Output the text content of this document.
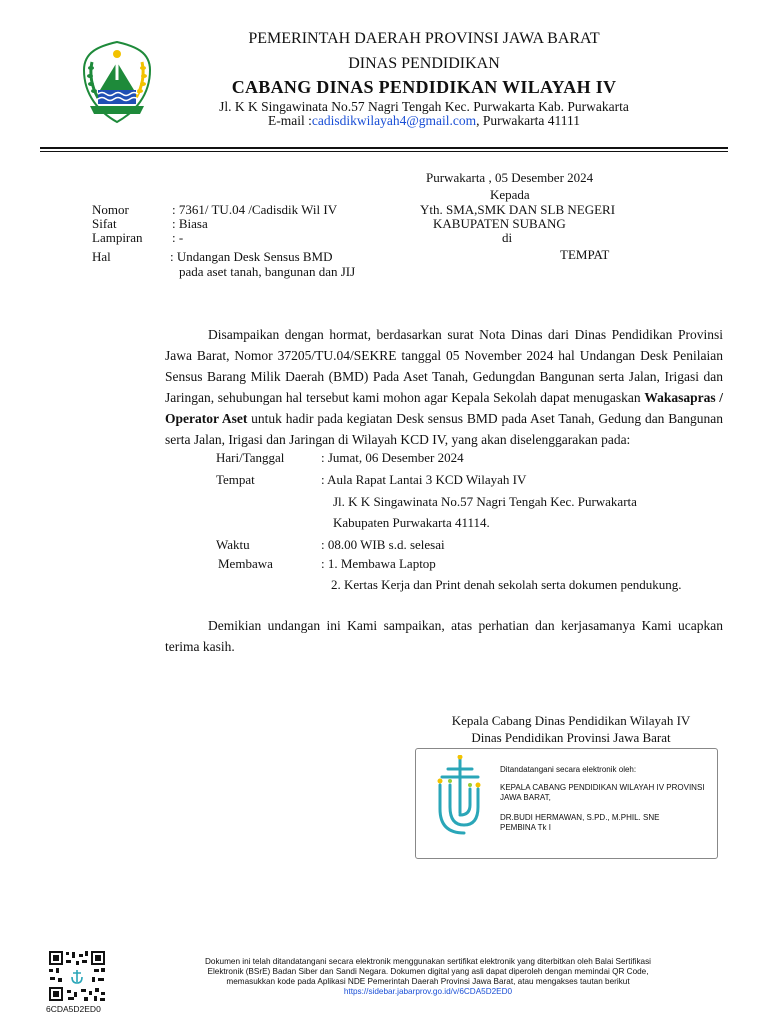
PEMERINTAH DAERAH PROVINSI JAWA BARAT
DINAS PENDIDIKAN
CABANG DINAS PENDIDIKAN WILAYAH IV
Jl. K K Singawinata No.57 Nagri Tengah Kec. Purwakarta Kab. Purwakarta
E-mail :cadisdikwilayah4@gmail.com, Purwakarta 41111
Purwakarta , 05 Desember 2024
Kepada
Yth. SMA,SMK DAN SLB NEGERI
KABUPATEN SUBANG
di
TEMPAT
Nomor	: 7361/ TU.04 /Cadisdik Wil IV
Sifat	: Biasa
Lampiran : -
Hal	: Undangan Desk Sensus BMD
pada aset tanah, bangunan dan JIJ
Disampaikan dengan hormat, berdasarkan surat Nota Dinas dari Dinas Pendidikan Provinsi Jawa Barat, Nomor 37205/TU.04/SEKRE tanggal 05 November 2024 hal Undangan Desk Penilaian Sensus Barang Milik Daerah (BMD) Pada Aset Tanah, Gedungdan Bangunan serta Jalan, Irigasi dan Jaringan, sehubungan hal tersebut kami mohon agar Kepala Sekolah dapat menugaskan Wakasapras / Operator Aset untuk hadir pada kegiatan Desk sensus BMD pada Aset Tanah, Gedung dan Bangunan serta Jalan, Irigasi dan Jaringan di Wilayah KCD IV, yang akan diselenggarakan pada:
Hari/Tanggal	: Jumat, 06 Desember 2024
Tempat	: Aula Rapat Lantai 3 KCD Wilayah IV
Jl. K K Singawinata No.57 Nagri Tengah Kec. Purwakarta
Kabupaten Purwakarta 41114.
Waktu	: 08.00 WIB s.d. selesai
Membawa	: 1. Membawa Laptop
2. Kertas Kerja dan Print denah sekolah serta dokumen pendukung.
Demikian undangan ini Kami sampaikan, atas perhatian dan kerjasamanya Kami ucapkan terima kasih.
Kepala Cabang Dinas Pendidikan Wilayah IV
Dinas Pendidikan Provinsi Jawa Barat
Ditandatangani secara elektronik oleh:
KEPALA CABANG PENDIDIKAN WILAYAH IV PROVINSI JAWA BARAT,
DR.BUDI HERMAWAN, S.PD., M.PHIL. SNE
PEMBINA Tk I
6CDA5D2ED0
Dokumen ini telah ditandatangani secara elektronik menggunakan sertifikat elektronik yang diterbitkan oleh Balai Sertifikasi
Elektronik (BSrE) Badan Siber dan Sandi Negara. Dokumen digital yang asli dapat diperoleh dengan memindai QR Code,
memasukkan kode pada Aplikasi NDE Pemerintah Daerah Provinsi Jawa Barat, atau mengakses tautan berikut
https://sidebar.jabarprov.go.id/v/6CDA5D2ED0
